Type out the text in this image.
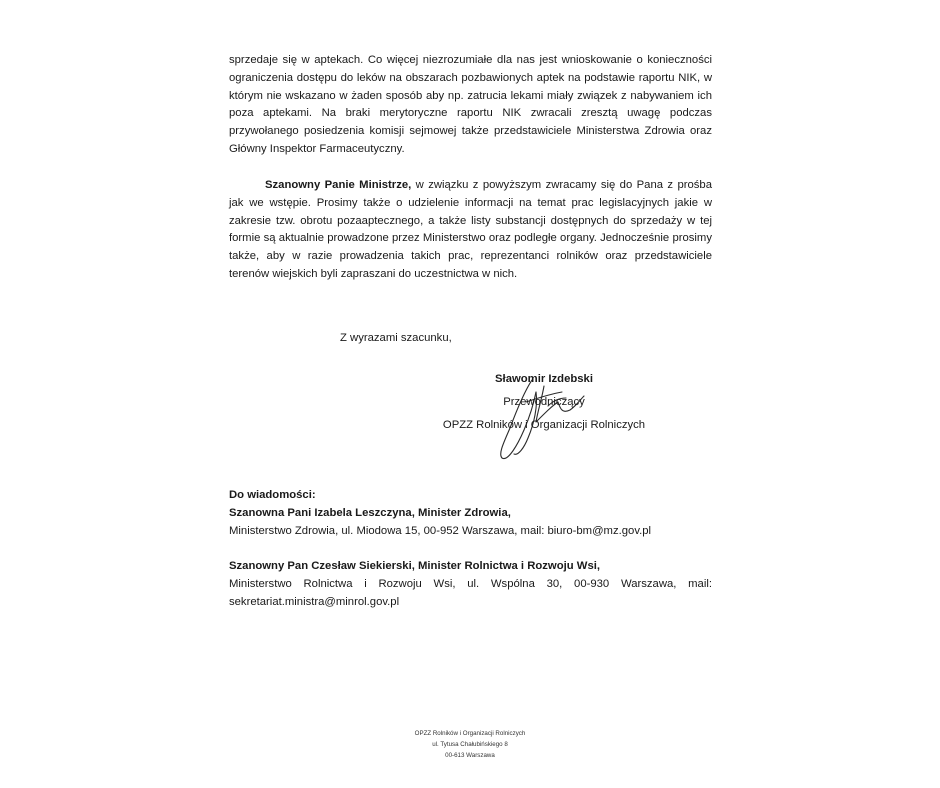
sprzedaje się w aptekach. Co więcej niezrozumiałe dla nas jest wnioskowanie o konieczności ograniczenia dostępu do leków na obszarach pozbawionych aptek na podstawie raportu NIK, w którym nie wskazano w żaden sposób aby np. zatrucia lekami miały związek z nabywaniem ich poza aptekami. Na braki merytoryczne raportu NIK zwracali zresztą uwagę podczas przywołanego posiedzenia komisji sejmowej także przedstawiciele Ministerstwa Zdrowia oraz Główny Inspektor Farmaceutyczny.
Szanowny Panie Ministrze, w związku z powyższym zwracamy się do Pana z prośba jak we wstępie. Prosimy także o udzielenie informacji na temat prac legislacyjnych jakie w zakresie tzw. obrotu pozaaptecznego, a także listy substancji dostępnych do sprzedaży w tej formie są aktualnie prowadzone przez Ministerstwo oraz podległe organy. Jednocześnie prosimy także, aby w razie prowadzenia takich prac, reprezentanci rolników oraz przedstawiciele terenów wiejskich byli zapraszani do uczestnictwa w nich.
Z wyrazami szacunku,
Sławomir Izdebski
Przewodniczący
OPZZ Rolników i Organizacji Rolniczych
Do wiadomości:
Szanowna Pani Izabela Leszczyna, Minister Zdrowia,
Ministerstwo Zdrowia, ul. Miodowa 15, 00-952 Warszawa, mail: biuro-bm@mz.gov.pl
Szanowny Pan Czesław Siekierski, Minister Rolnictwa i Rozwoju Wsi,
Ministerstwo Rolnictwa i Rozwoju Wsi, ul. Wspólna 30, 00-930 Warszawa, mail: sekretariat.ministra@minrol.gov.pl
OPZZ Rolników i Organizacji Rolniczych
ul. Tytusa Chałubińskiego 8
00-613 Warszawa
